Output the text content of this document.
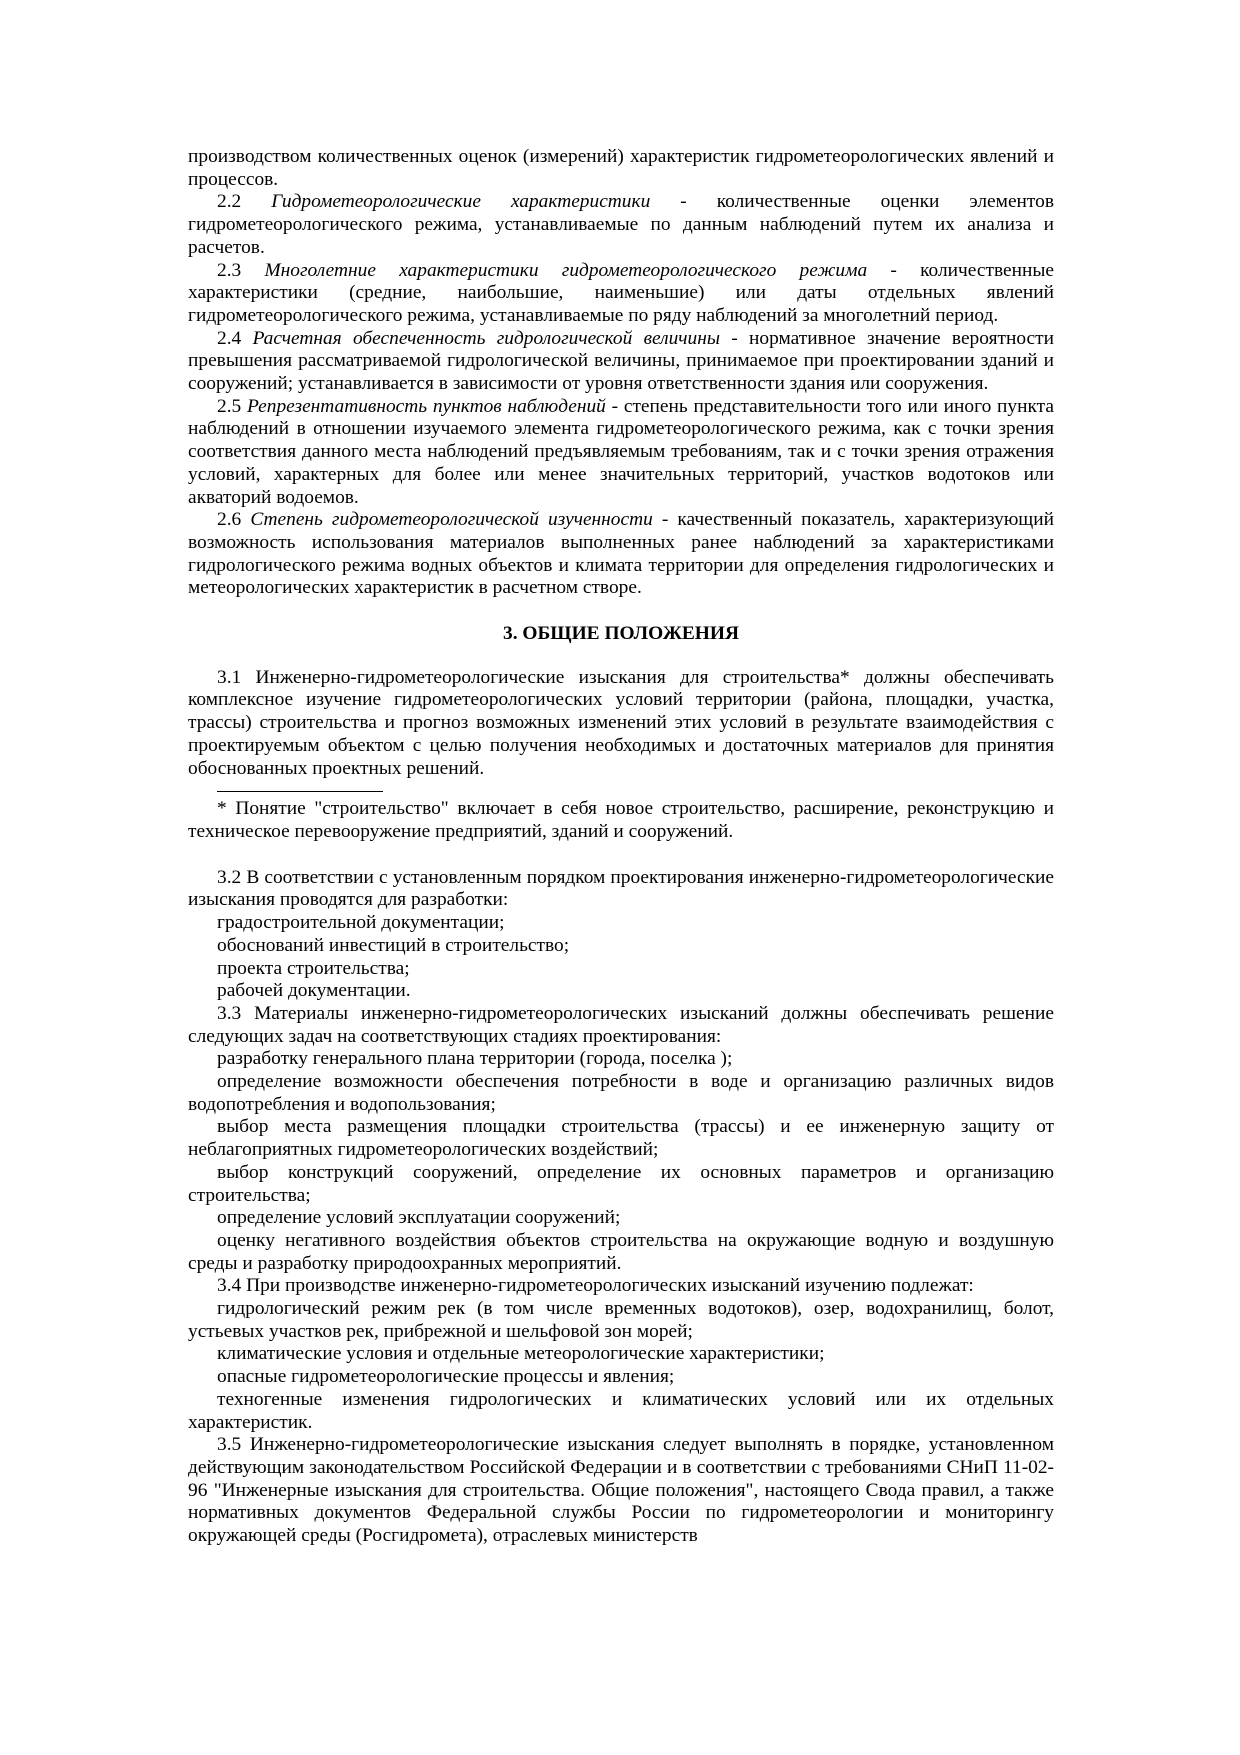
производством количественных оценок (измерений) характеристик гидрометеорологических явлений и процессов.

2.2 Гидрометеорологические характеристики - количественные оценки элементов гидрометеорологического режима, устанавливаемые по данным наблюдений путем их анализа и расчетов.

2.3 Многолетние характеристики гидрометеорологического режима - количественные характеристики (средние, наибольшие, наименьшие) или даты отдельных явлений гидрометеорологического режима, устанавливаемые по ряду наблюдений за многолетний период.

2.4 Расчетная обеспеченность гидрологической величины - нормативное значение вероятности превышения рассматриваемой гидрологической величины, принимаемое при проектировании зданий и сооружений; устанавливается в зависимости от уровня ответственности здания или сооружения.

2.5 Репрезентативность пунктов наблюдений - степень представительности того или иного пункта наблюдений в отношении изучаемого элемента гидрометеорологического режима, как с точки зрения соответствия данного места наблюдений предъявляемым требованиям, так и с точки зрения отражения условий, характерных для более или менее значительных территорий, участков водотоков или акваторий водоемов.

2.6 Степень гидрометеорологической изученности - качественный показатель, характеризующий возможность использования материалов выполненных ранее наблюдений за характеристиками гидрологического режима водных объектов и климата территории для определения гидрологических и метеорологических характеристик в расчетном створе.

3. ОБЩИЕ ПОЛОЖЕНИЯ

3.1 Инженерно-гидрометеорологические изыскания для строительства* должны обеспечивать комплексное изучение гидрометеорологических условий территории (района, площадки, участка, трассы) строительства и прогноз возможных изменений этих условий в результате взаимодействия с проектируемым объектом с целью получения необходимых и достаточных материалов для принятия обоснованных проектных решений.

* Понятие "строительство" включает в себя новое строительство, расширение, реконструкцию и техническое перевооружение предприятий, зданий и сооружений.

3.2 В соответствии с установленным порядком проектирования инженерно-гидрометеорологические изыскания проводятся для разработки:

градостроительной документации;

обоснований инвестиций в строительство;

проекта строительства;

рабочей документации.

3.3 Материалы инженерно-гидрометеорологических изысканий должны обеспечивать решение следующих задач на соответствующих стадиях проектирования:

разработку генерального плана территории (города, поселка );

определение возможности обеспечения потребности в воде и организацию различных видов водопотребления и водопользования;

выбор места размещения площадки строительства (трассы) и ее инженерную защиту от неблагоприятных гидрометеорологических воздействий;

выбор конструкций сооружений, определение их основных параметров и организацию строительства;

определение условий эксплуатации сооружений;

оценку негативного воздействия объектов строительства на окружающие водную и воздушную среды и разработку природоохранных мероприятий.

3.4 При производстве инженерно-гидрометеорологических изысканий изучению подлежат:

гидрологический режим рек (в том числе временных водотоков), озер, водохранилищ, болот, устьевых участков рек, прибрежной и шельфовой зон морей;

климатические условия и отдельные метеорологические характеристики;

опасные гидрометеорологические процессы и явления;

техногенные изменения гидрологических и климатических условий или их отдельных характеристик.

3.5 Инженерно-гидрометеорологические изыскания следует выполнять в порядке, установленном действующим законодательством Российской Федерации и в соответствии с требованиями СНиП 11-02-96 "Инженерные изыскания для строительства. Общие положения", настоящего Свода правил, а также нормативных документов Федеральной службы России по гидрометеорологии и мониторингу окружающей среды (Росгидромета), отраслевых министерств
